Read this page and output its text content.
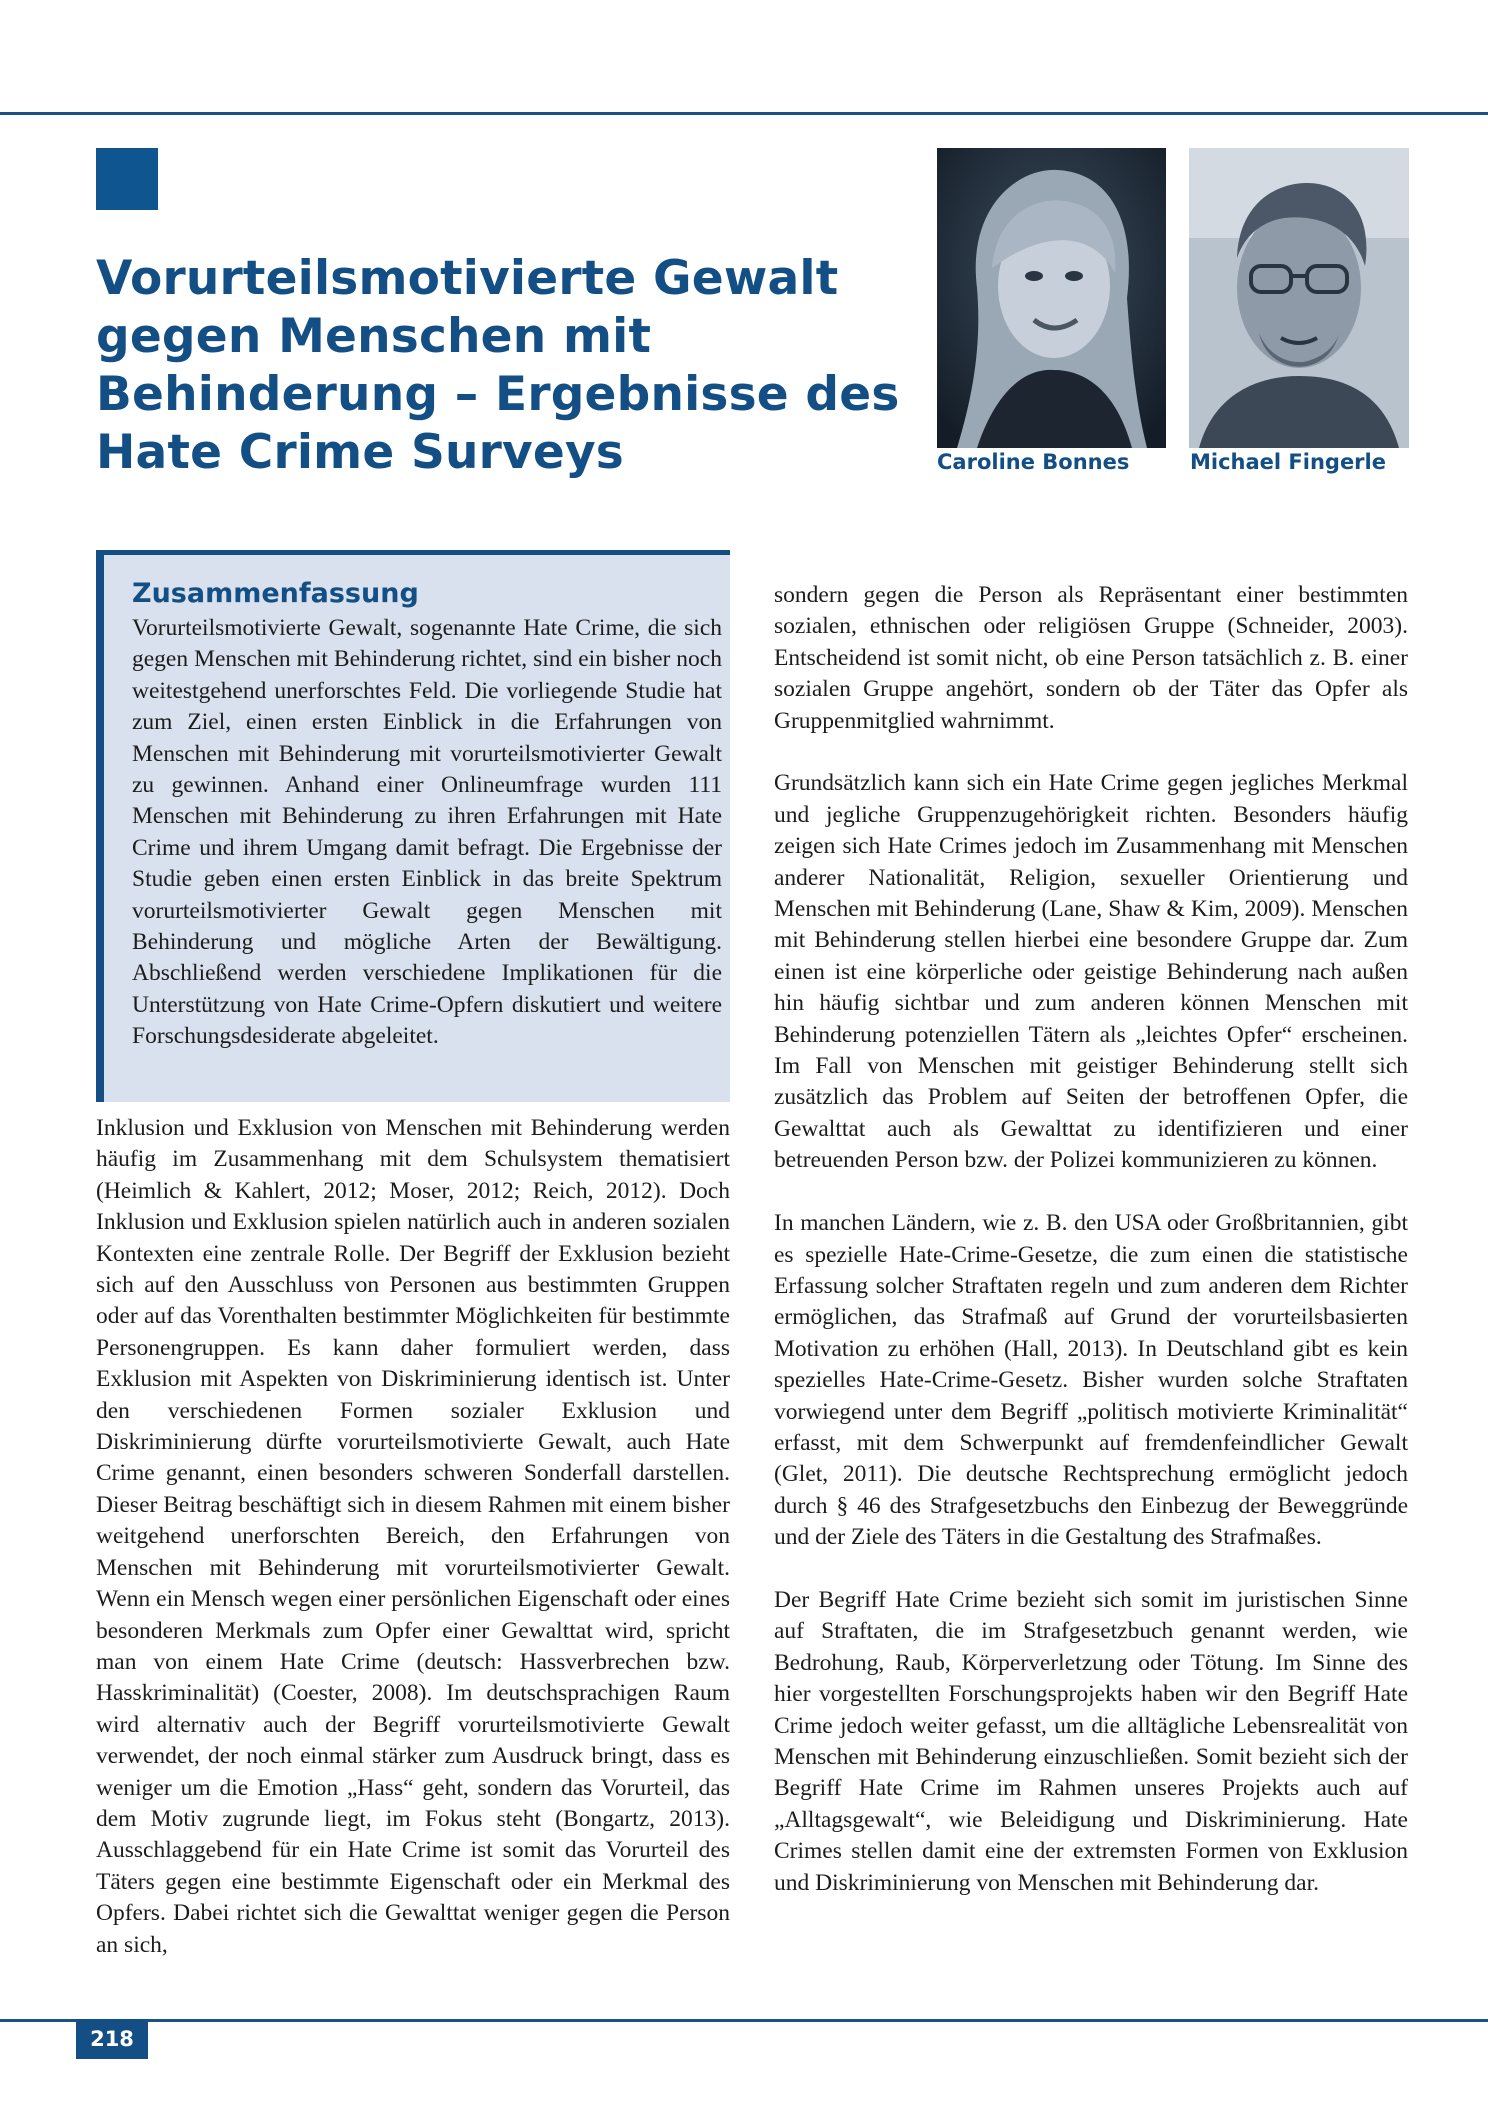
Vorurteilsmotivierte Gewalt
gegen Menschen mit
Behinderung – Ergebnisse des
Hate Crime Surveys	Caroline Bonnes	Michael Fingerle
Zusammenfassung

Vorurteilsmotivierte Gewalt, sogenannte Hate Crime, die sich gegen Menschen mit Behinderung richtet, sind ein bisher noch weitestgehend unerforschtes Feld. Die vorliegende Studie hat zum Ziel, einen ersten Einblick in die Erfahrungen von Menschen mit Behinderung mit vorurteilsmotivierter Gewalt zu gewinnen. Anhand einer Onlineumfrage wurden 111 Menschen mit Behinderung zu ihren Erfahrungen mit Hate Crime und ihrem Umgang damit befragt. Die Ergebnisse der Studie geben einen ersten Einblick in das breite Spektrum vorurteilsmotivierter Gewalt gegen Menschen mit Behinderung und mögliche Arten der Bewältigung. Abschließend werden verschiedene Implikationen für die Unterstützung von Hate Crime-Opfern diskutiert und weitere Forschungsdesiderate abgeleitet.

Inklusion und Exklusion von Menschen mit Behinderung werden häufig im Zusammenhang mit dem Schulsystem thematisiert (Heimlich & Kahlert, 2012; Moser, 2012; Reich, 2012). Doch Inklusion und Exklusion spielen natürlich auch in anderen sozialen Kontexten eine zentrale Rolle. Der Begriff der Exklusion bezieht sich auf den Ausschluss von Personen aus bestimmten Gruppen oder auf das Vorenthalten bestimmter Möglichkeiten für bestimmte Personengruppen. Es kann daher formuliert werden, dass Exklusion mit Aspekten von Diskriminierung identisch ist. Unter den verschiedenen Formen sozialer Exklusion und Diskriminierung dürfte vorurteilsmotivierte Gewalt, auch Hate Crime genannt, einen besonders schweren Sonderfall darstellen. Dieser Beitrag beschäftigt sich in diesem Rahmen mit einem bisher weitgehend unerforschten Bereich, den Erfahrungen von Menschen mit Behinderung mit vorurteilsmotivierter Gewalt. Wenn ein Mensch wegen einer persönlichen Eigenschaft oder eines besonderen Merkmals zum Opfer einer Gewalttat wird, spricht man von einem Hate Crime (deutsch: Hassverbrechen bzw. Hasskriminalität) (Coester, 2008). Im deutschsprachigen Raum wird alternativ auch der Begriff vorurteilsmotivierte Gewalt verwendet, der noch einmal stärker zum Ausdruck bringt, dass es weniger um die Emotion „Hass“ geht, sondern das Vorurteil, das dem Motiv zugrunde liegt, im Fokus steht (Bongartz, 2013). Ausschlaggebend für ein Hate Crime ist somit das Vorurteil des Täters gegen eine bestimmte Eigenschaft oder ein Merkmal des Opfers. Dabei richtet sich die Gewalttat weniger gegen die Person an sich,

sondern gegen die Person als Repräsentant einer bestimmten sozialen, ethnischen oder religiösen Gruppe (Schneider, 2003). Entscheidend ist somit nicht, ob eine Person tatsächlich z. B. einer sozialen Gruppe angehört, sondern ob der Täter das Opfer als Gruppenmitglied wahrnimmt.

Grundsätzlich kann sich ein Hate Crime gegen jegliches Merkmal und jegliche Gruppenzugehörigkeit richten. Besonders häufig zeigen sich Hate Crimes jedoch im Zusammenhang mit Menschen anderer Nationalität, Religion, sexueller Orientierung und Menschen mit Behinderung (Lane, Shaw & Kim, 2009). Menschen mit Behinderung stellen hierbei eine besondere Gruppe dar. Zum einen ist eine körperliche oder geistige Behinderung nach außen hin häufig sichtbar und zum anderen können Menschen mit Behinderung potenziellen Tätern als „leichtes Opfer“ erscheinen. Im Fall von Menschen mit geistiger Behinderung stellt sich zusätzlich das Problem auf Seiten der betroffenen Opfer, die Gewalttat auch als Gewalttat zu identifizieren und einer betreuenden Person bzw. der Polizei kommunizieren zu können.

In manchen Ländern, wie z. B. den USA oder Großbritannien, gibt es spezielle Hate-Crime-Gesetze, die zum einen die statistische Erfassung solcher Straftaten regeln und zum anderen dem Richter ermöglichen, das Strafmaß auf Grund der vorurteilsbasierten Motivation zu erhöhen (Hall, 2013). In Deutschland gibt es kein spezielles Hate-Crime-Gesetz. Bisher wurden solche Straftaten vorwiegend unter dem Begriff „politisch motivierte Kriminalität“ erfasst, mit dem Schwerpunkt auf fremdenfeindlicher Gewalt (Glet, 2011). Die deutsche Rechtsprechung ermöglicht jedoch durch § 46 des Strafgesetzbuchs den Einbezug der Beweggründe und der Ziele des Täters in die Gestaltung des Strafmaßes.

Der Begriff Hate Crime bezieht sich somit im juristischen Sinne auf Straftaten, die im Strafgesetzbuch genannt werden, wie Bedrohung, Raub, Körperverletzung oder Tötung. Im Sinne des hier vorgestellten Forschungsprojekts haben wir den Begriff Hate Crime jedoch weiter gefasst, um die alltägliche Lebensrealität von Menschen mit Behinderung einzuschließen. Somit bezieht sich der Begriff Hate Crime im Rahmen unseres Projekts auch auf „Alltagsgewalt“, wie Beleidigung und Diskriminierung. Hate Crimes stellen damit eine der extremsten Formen von Exklusion und Diskriminierung von Menschen mit Behinderung dar.

218
